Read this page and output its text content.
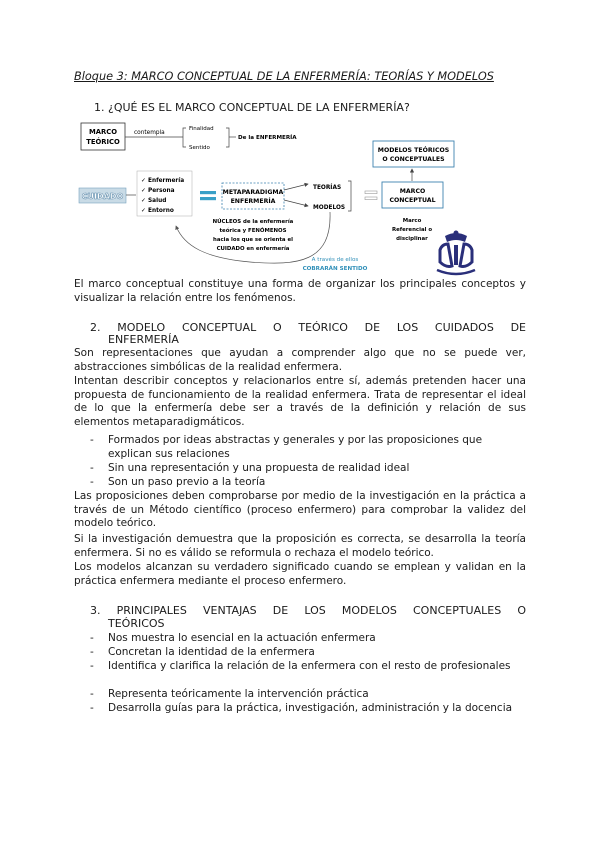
Bloque 3: MARCO CONCEPTUAL DE LA ENFERMERÍA: TEORÍAS Y MODELOS
1. ¿QUÉ ES EL MARCO CONCEPTUAL DE LA ENFERMERÍA?
MARCO
TEÓRICO
contempla
Finalidad
Sentido
De la ENFERMERÍA
CUIDADO
✓ Enfermería
✓ Persona
✓ Salud
✓ Entorno
METAPARADIGMA
ENFERMERÍA
NÚCLEOS de la enfermería
teórica y FENÓMENOS
hacia los que se orienta el
CUIDADO en enfermería
TEORÍAS
MODELOS
MODELOS TEÓRICOS
O CONCEPTUALES
MARCO
CONCEPTUAL
Marco
Referencial o
disciplinar
A través de ellos
COBRARÁN SENTIDO
El marco conceptual constituye una forma de organizar los principales conceptos y visualizar la relación entre los fenómenos.
2. MODELO CONCEPTUAL O TEÓRICO DE LOS CUIDADOS DE
ENFERMERÍA
Son representaciones que ayudan a comprender algo que no se puede ver, abstracciones simbólicas de la realidad enfermera.
Intentan describir conceptos y relacionarlos entre sí, además pretenden hacer una propuesta de funcionamiento de la realidad enfermera. Trata de representar el ideal de lo que la enfermería debe ser a través de la definición y relación de sus elementos metaparadigmáticos.
- Formados por ideas abstractas y generales y por las proposiciones que explican sus relaciones
- Sin una representación y una propuesta de realidad ideal
- Son un paso previo a la teoría
Las proposiciones deben comprobarse por medio de la investigación en la práctica a través de un Método científico (proceso enfermero) para comprobar la validez del modelo teórico.
Si la investigación demuestra que la proposición es correcta, se desarrolla la teoría enfermera. Si no es válido se reformula o rechaza el modelo teórico.
Los modelos alcanzan su verdadero significado cuando se emplean y validan en la práctica enfermera mediante el proceso enfermero.
3. PRINCIPALES VENTAJAS DE LOS MODELOS CONCEPTUALES O
TEÓRICOS
- Nos muestra lo esencial en la actuación enfermera
- Concretan la identidad de la enfermera
- Identifica y clarifica la relación de la enfermera con el resto de profesionales
- Representa teóricamente la intervención práctica
- Desarrolla guías para la práctica, investigación, administración y la docencia
